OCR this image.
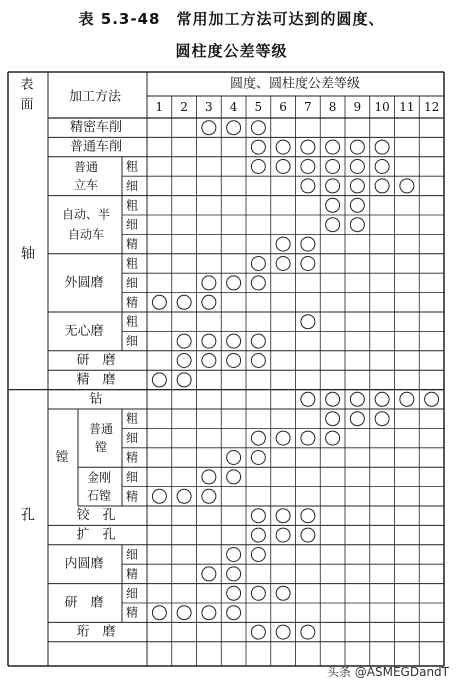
表 5.3-48　常用加工方法可达到的圆度、
圆柱度公差等级
表
面
加工方法
圆度、圆柱度公差等级
1 2 3 4 5 6 7 8 9 10 11 12
精密车削
普通车削
粗
细
普通
立车
粗
细
精
自动、半
自动车
粗
细
精
外圆磨
粗
细
无心磨
研　磨
精　磨
轴
钻
粗
细
精
普通
镗
细
精
金刚
石镗
镗
铰　孔
扩　孔
细
精
内圆磨
细
精
研　磨
珩　磨
孔
头条 @ASMEGDandT
